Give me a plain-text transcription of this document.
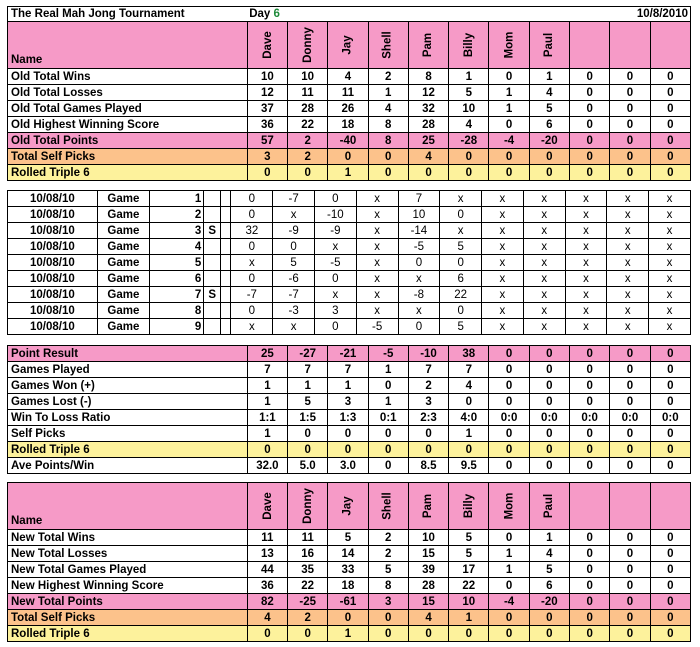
The Real Mah Jong Tournament		Day 6								10/8/2010		
Name		Dave	Donny	Jay	Shell	Pam	Billy	Mom	Paul			
Old Total Wins		10	10	4	2	8	1	0	1	0	0	0
Old Total Losses		12	11	11	1	12	5	1	4	0	0	0
Old Total Games Played		37	28	26	4	32	10	1	5	0	0	0
Old Highest Winning Score		36	22	18	8	28	4	0	6	0	0	0
Old Total Points		57	2	-40	8	25	-28	-4	-20	0	0	0
Total Self Picks		3	2	0	0	4	0	0	0	0	0	0
Rolled Triple 6		0	0	1	0	0	0	0	0	0	0	0
10/08/10	Game	1			0	-7	0	x	7	x	x	x	x	x	x
10/08/10	Game	2			0	x	-10	x	10	0	x	x	x	x	x
10/08/10	Game	3	S		32	-9	-9	x	-14	x	x	x	x	x	x
10/08/10	Game	4			0	0	x	x	-5	5	x	x	x	x	x
10/08/10	Game	5			x	5	-5	x	0	0	x	x	x	x	x
10/08/10	Game	6			0	-6	0	x	x	6	x	x	x	x	x
10/08/10	Game	7	S		-7	-7	x	x	-8	22	x	x	x	x	x
10/08/10	Game	8			0	-3	3	x	x	0	x	x	x	x	x
10/08/10	Game	9			x	x	0	-5	0	5	x	x	x	x	x
Point Result		25	-27	-21	-5	-10	38	0	0	0	0	0
Games Played		7	7	7	1	7	7	0	0	0	0	0
Games Won (+)		1	1	1	0	2	4	0	0	0	0	0
Games Lost (-)		1	5	3	1	3	0	0	0	0	0	0
Win To Loss Ratio		1:1	1:5	1:3	0:1	2:3	4:0	0:0	0:0	0:0	0:0	0:0
Self Picks		1	0	0	0	0	1	0	0	0	0	0
Rolled Triple 6		0	0	0	0	0	0	0	0	0	0	0
Ave Points/Win		32.0	5.0	3.0	0	8.5	9.5	0	0	0	0	0
Name		Dave	Donny	Jay	Shell	Pam	Billy	Mom	Paul			
New Total Wins		11	11	5	2	10	5	0	1	0	0	0
New Total Losses		13	16	14	2	15	5	1	4	0	0	0
New Total Games Played		44	35	33	5	39	17	1	5	0	0	0
New Highest Winning Score		36	22	18	8	28	22	0	6	0	0	0
New Total Points		82	-25	-61	3	15	10	-4	-20	0	0	0
Total Self Picks		4	2	0	0	4	1	0	0	0	0	0
Rolled Triple 6		0	0	1	0	0	0	0	0	0	0	0
